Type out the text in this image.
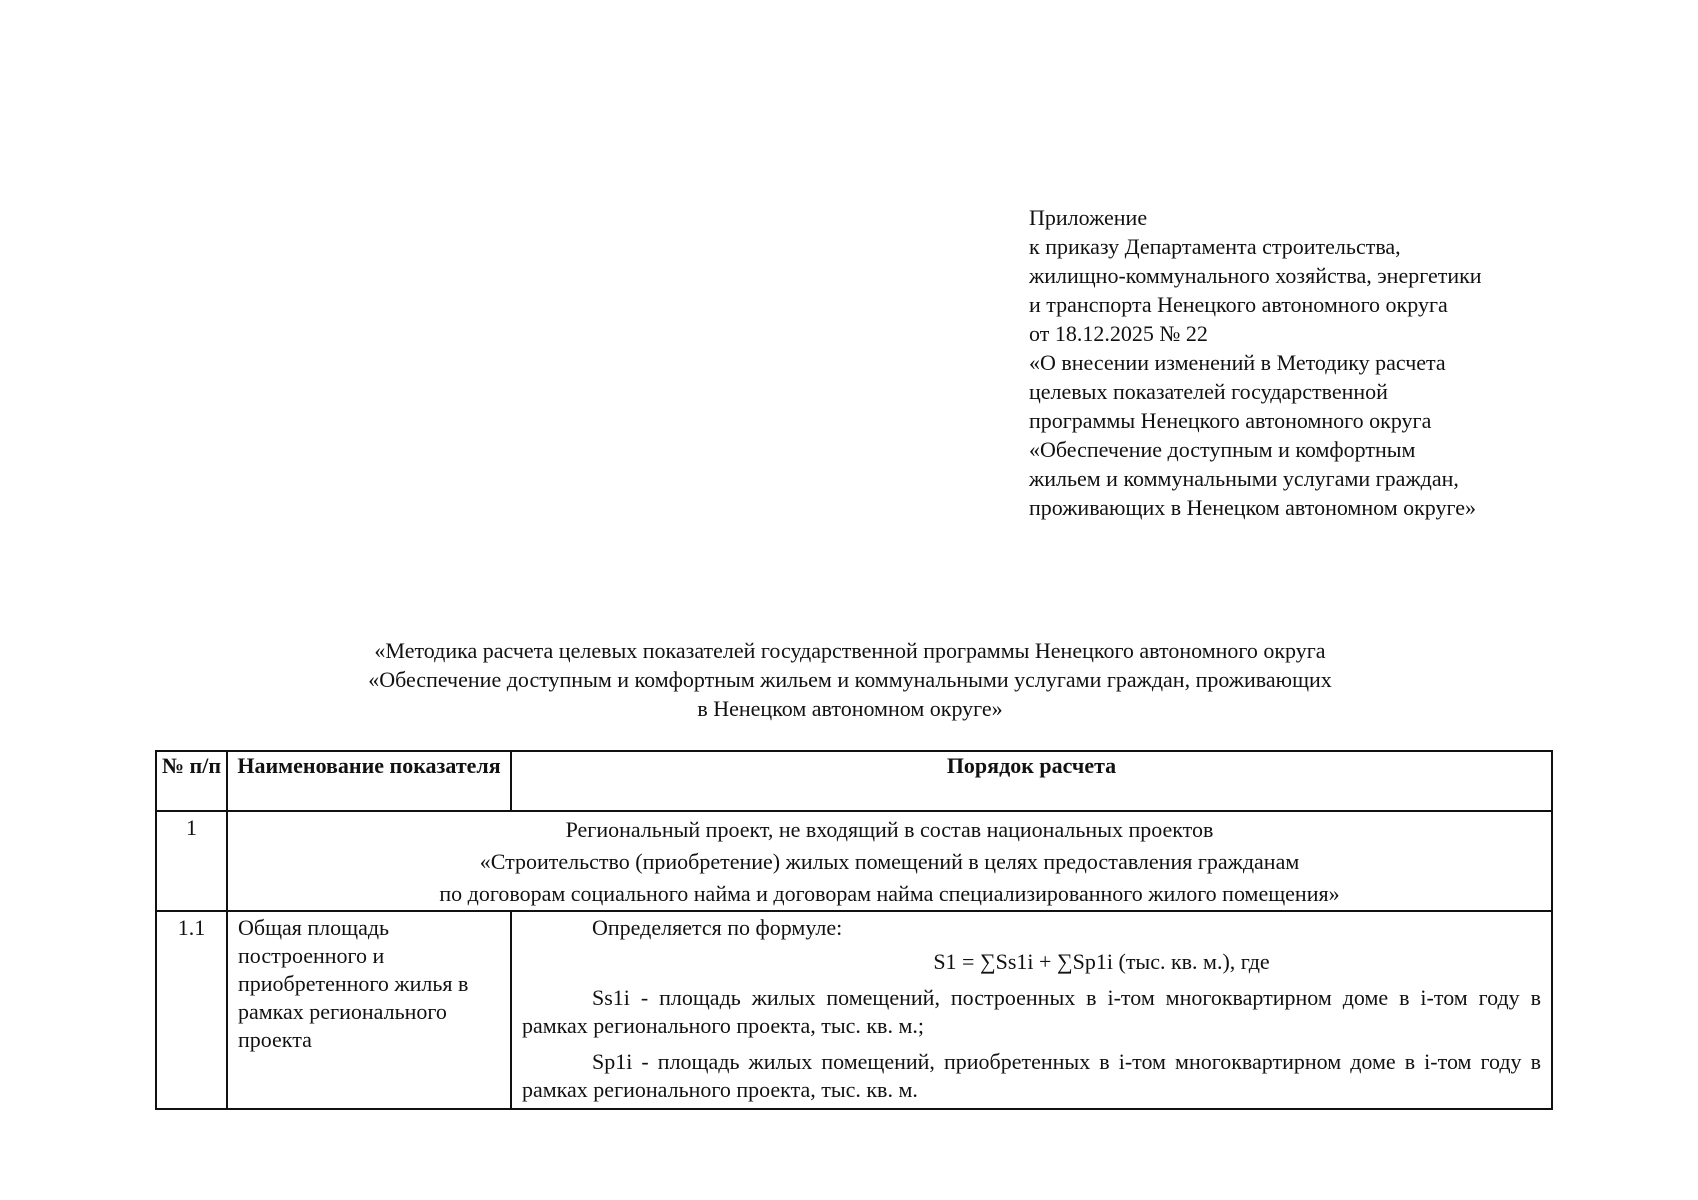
Приложение
к приказу Департамента строительства,
жилищно-коммунального хозяйства, энергетики
и транспорта Ненецкого автономного округа
от 18.12.2025 № 22
«О внесении изменений в Методику расчета
целевых показателей государственной
программы Ненецкого автономного округа
«Обеспечение доступным и комфортным
жильем и коммунальными услугами граждан,
проживающих в Ненецком автономном округе»
«Методика расчета целевых показателей государственной программы Ненецкого автономного округа
«Обеспечение доступным и комфортным жильем и коммунальными услугами граждан, проживающих
в Ненецком автономном округе»
№ п/п	Наименование показателя	Порядок расчета
1	Региональный проект, не входящий в состав национальных проектов
«Строительство (приобретение) жилых помещений в целях предоставления гражданам
по договорам социального найма и договорам найма специализированного жилого помещения»	

1.1	Общая площадь построенного и приобретенного жилья в рамках регионального проекта	Определяется по формуле:

S1 = ∑Ss1i + ∑Sp1i (тыс. кв. м.), где

Ss1i - площадь жилых помещений, построенных в i-том многоквартирном доме в i-том году в рамках регионального проекта, тыс. кв. м.;

Sp1i - площадь жилых помещений, приобретенных в i-том многоквартирном доме в i-том году в рамках регионального проекта, тыс. кв. м.
